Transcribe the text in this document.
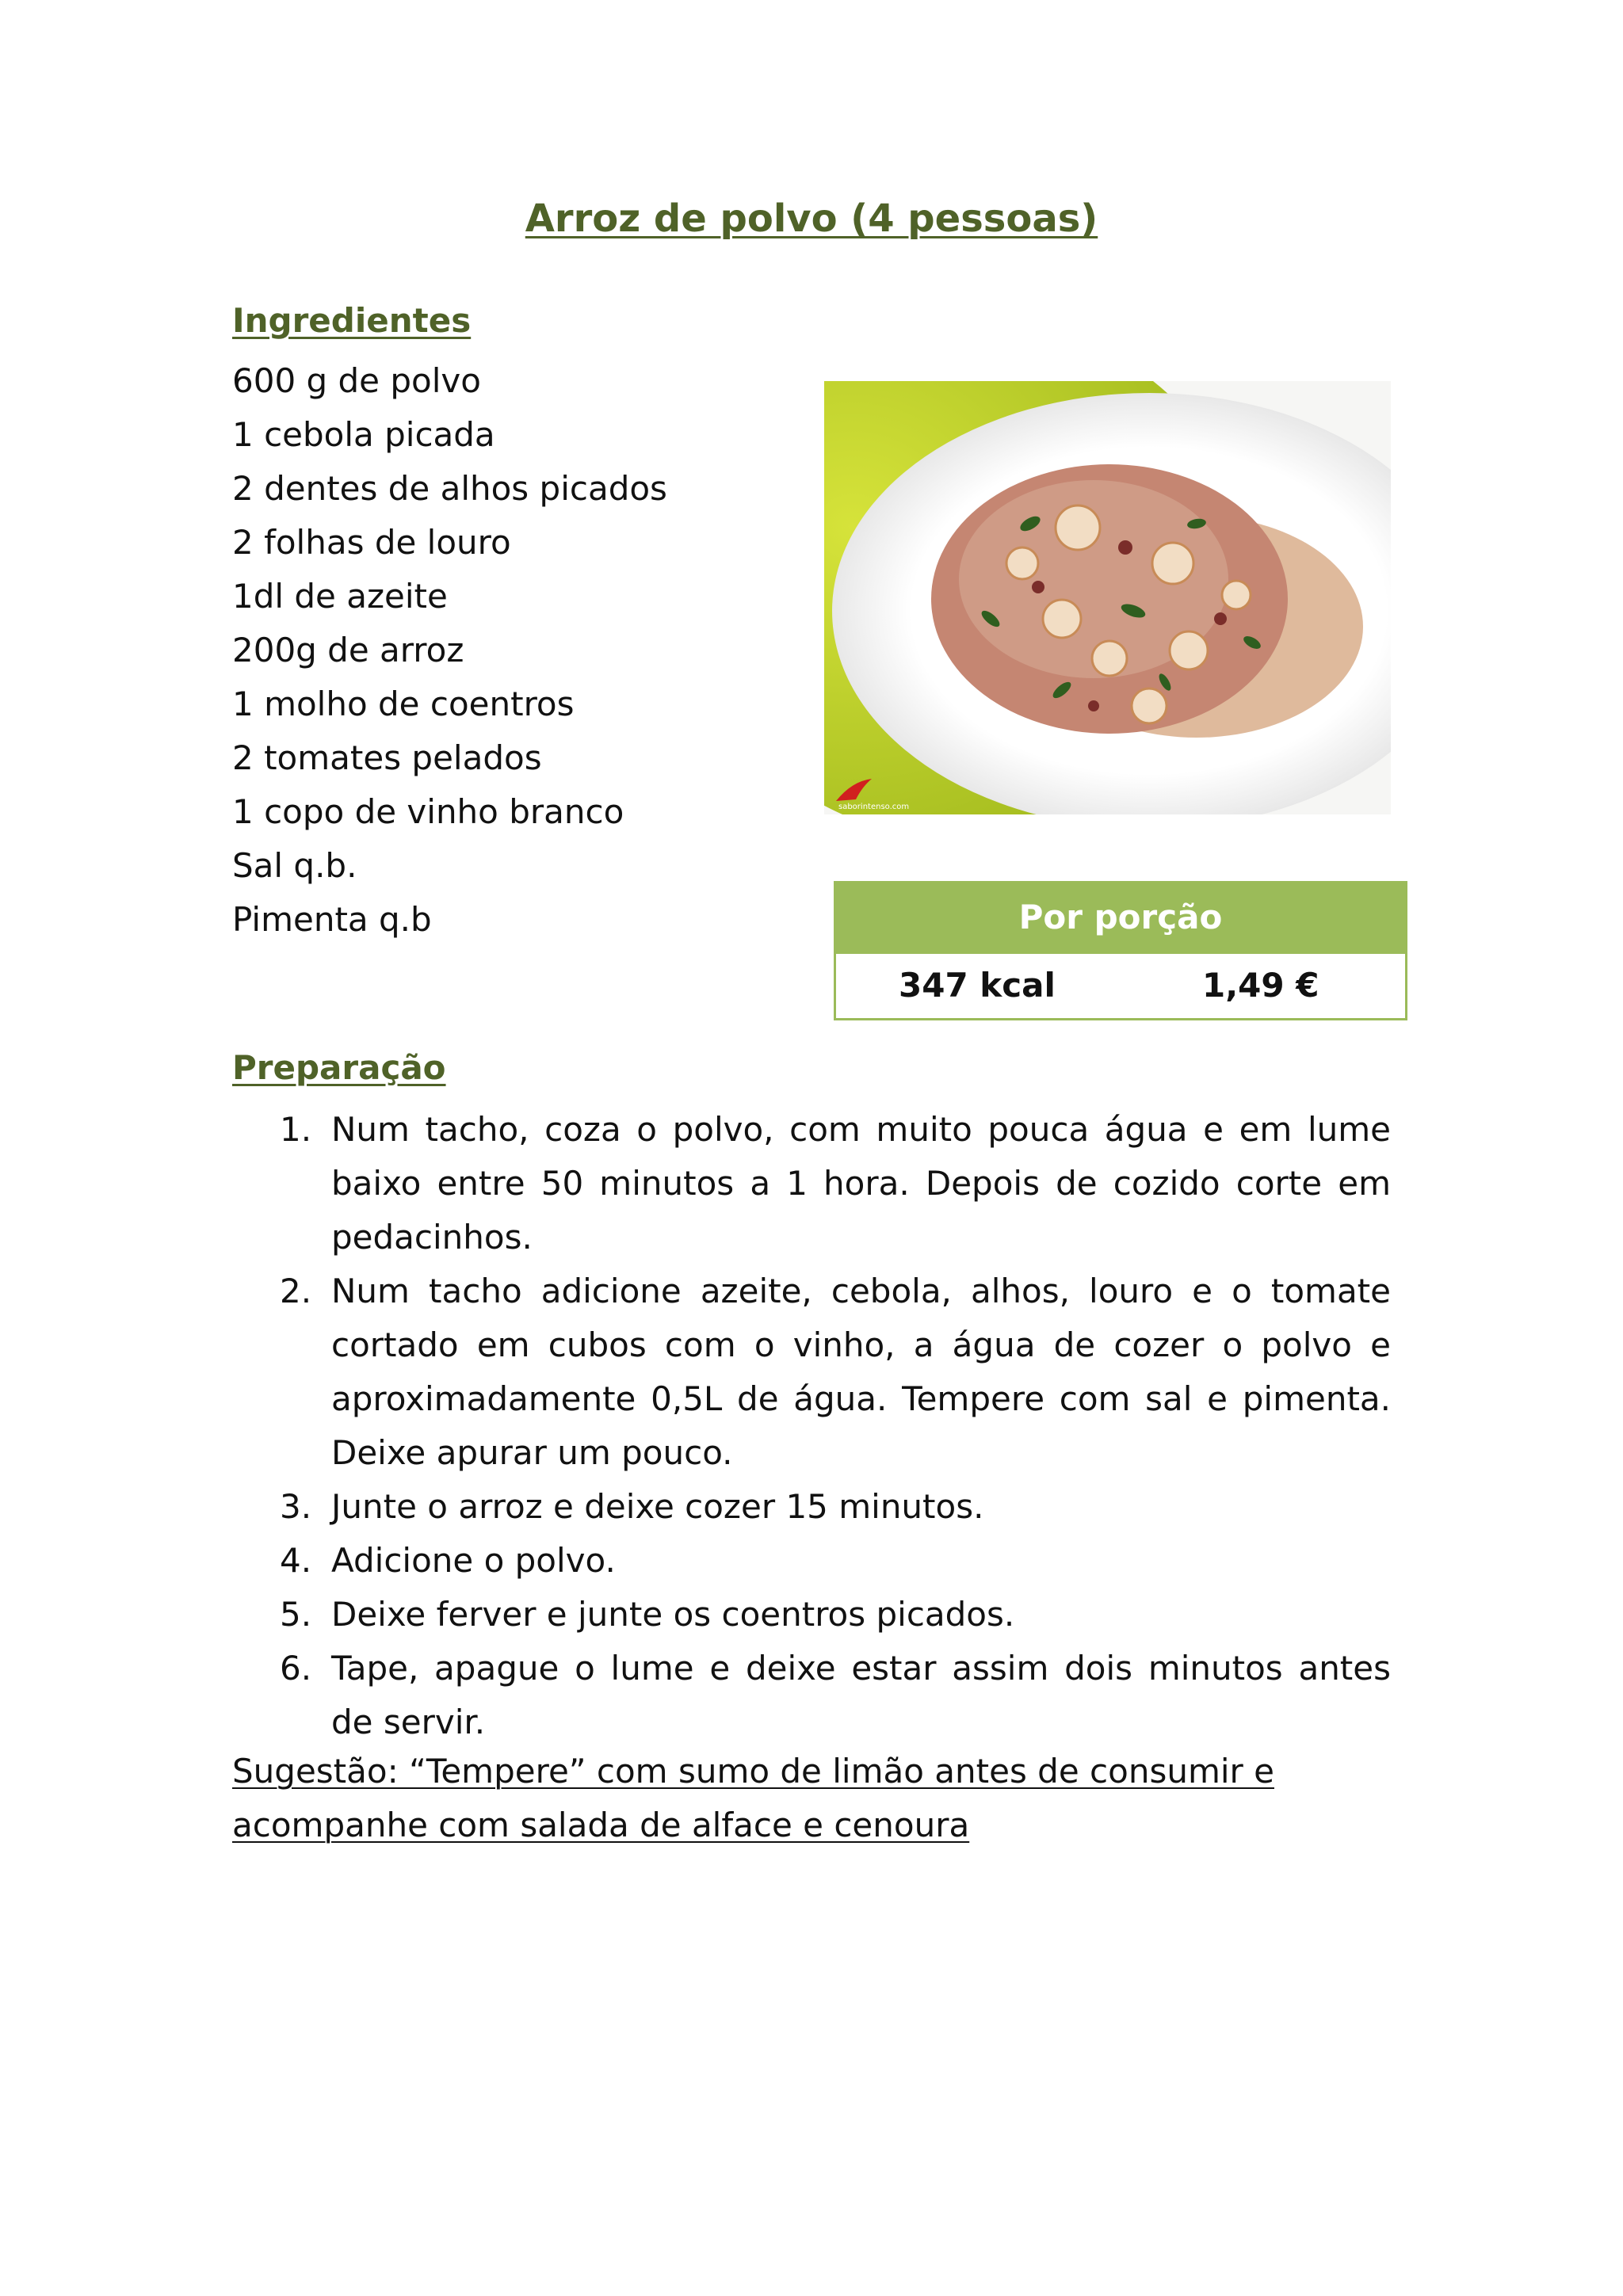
Arroz de polvo (4 pessoas)
Ingredientes
600 g de polvo
1 cebola picada
2 dentes de alhos picados
2 folhas de louro
1dl de azeite
200g de arroz
1 molho de coentros
2 tomates pelados
1 copo de vinho branco
Sal q.b.
Pimenta q.b
saborintenso.com
Por porção
347 kcal	1,49 €
Preparação
1. Num tacho, coza o polvo, com muito pouca água e em lume baixo entre 50 minutos a 1 hora. Depois de cozido corte em pedacinhos.
2. Num tacho adicione azeite, cebola, alhos, louro e o tomate cortado em cubos com o vinho, a água de cozer o polvo e aproximadamente 0,5L de água. Tempere com sal e pimenta. Deixe apurar um pouco.
3. Junte o arroz e deixe cozer 15 minutos.
4. Adicione o polvo.
5. Deixe ferver e junte os coentros picados.
6. Tape, apague o lume e deixe estar assim dois minutos antes de servir.
Sugestão: “Tempere” com sumo de limão antes de consumir e acompanhe com salada de alface e cenoura
